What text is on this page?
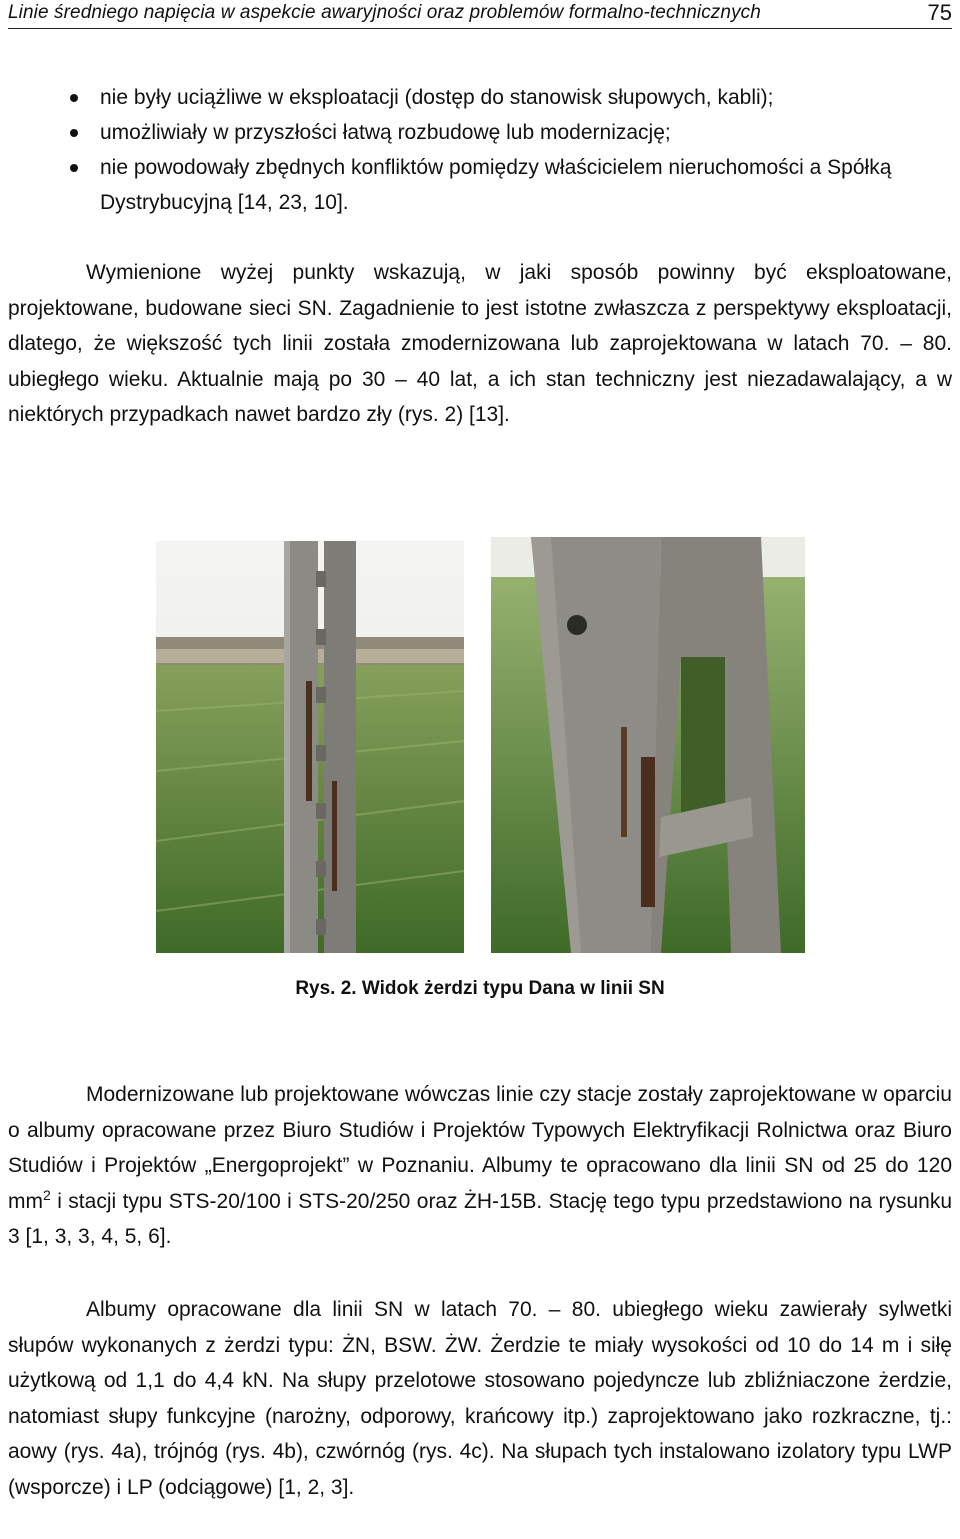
Linie średniego napięcia w aspekcie awaryjności oraz problemów formalno-technicznych	75
nie były uciążliwe w eksploatacji (dostęp do stanowisk słupowych, kabli);
umożliwiały w przyszłości łatwą rozbudowę lub modernizację;
nie powodowały zbędnych konfliktów pomiędzy właścicielem nieruchomości a Spółką Dystrybucyjną [14, 23, 10].

Wymienione wyżej punkty wskazują, w jaki sposób powinny być eksploatowane, projektowane, budowane sieci SN. Zagadnienie to jest istotne zwłaszcza z perspektywy eksploatacji, dlatego, że większość tych linii została zmodernizowana lub zaprojektowana w latach 70. – 80. ubiegłego wieku. Aktualnie mają po 30 – 40 lat, a ich stan techniczny jest niezadawalający, a w niektórych przypadkach nawet bardzo zły (rys. 2) [13].

Rys. 2. Widok żerdzi typu Dana w linii SN

Modernizowane lub projektowane wówczas linie czy stacje zostały zaprojektowane w oparciu o albumy opracowane przez Biuro Studiów i Projektów Typowych Elektryfikacji Rolnictwa oraz Biuro Studiów i Projektów „Energoprojekt” w Poznaniu. Albumy te opracowano dla linii SN od 25 do 120 $mm^2$ i stacji typu STS-20/100 i STS-20/250 oraz ŻH-15B. Stację tego typu przedstawiono na rysunku 3 [1, 3, 3, 4, 5, 6].

Albumy opracowane dla linii SN w latach 70. – 80. ubiegłego wieku zawierały sylwetki słupów wykonanych z żerdzi typu: ŻN, BSW. ŻW. Żerdzie te miały wysokości od 10 do 14 m i siłę użytkową od 1,1 do 4,4 kN. Na słupy przelotowe stosowano pojedyncze lub zbliźniaczone żerdzie, natomiast słupy funkcyjne (narożny, odporowy, krańcowy itp.) zaprojektowano jako rozkraczne, tj.: aowy (rys. 4a), trójnóg (rys. 4b), czwórnóg (rys. 4c). Na słupach tych instalowano izolatory typu LWP (wsporcze) i LP (odciągowe) [1, 2, 3].
